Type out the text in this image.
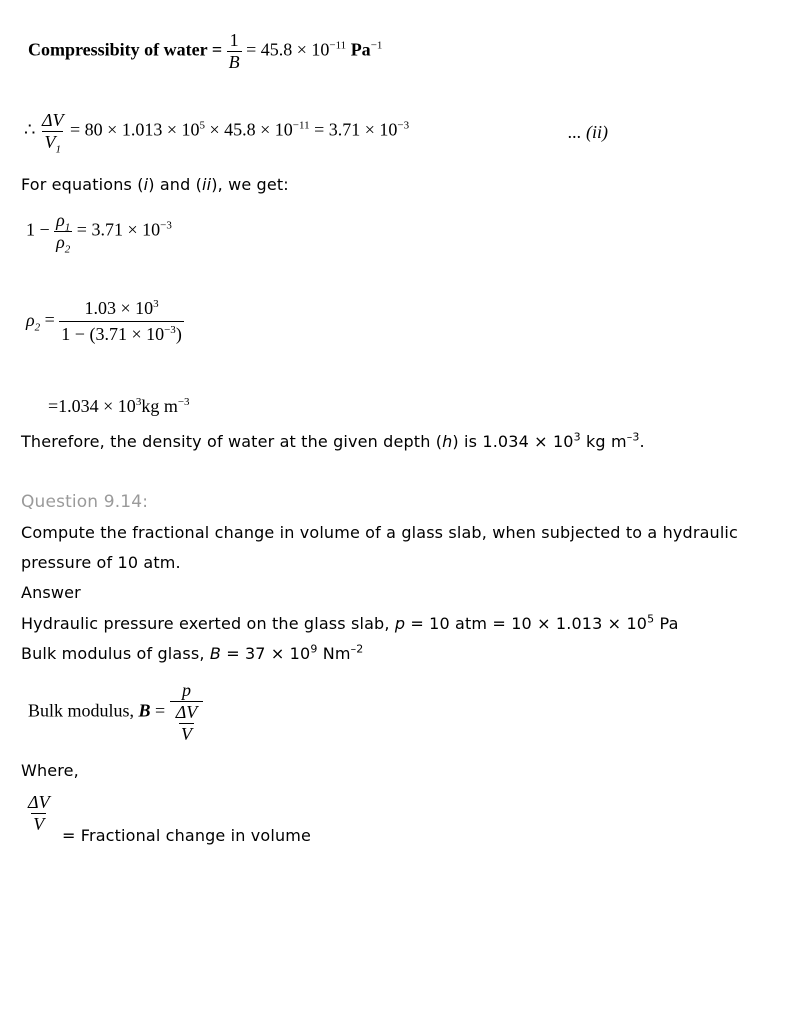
Compressibity of water = $\frac{1}{B} = 45.8 \times 10^{-11}$ $Pa^{-1}$
∴ $\frac{\Delta V}{V_1} = 80 \times 1.013 \times 10^5 \times 45.8 \times 10^{-11} = 3.71 \times 10^{-3}$	... (ii)
For equations (i) and (ii), we get:
$1 - \frac{\rho_1}{\rho_2} = 3.71 \times 10^{-3}$
$\rho_2 = \frac{1.03 \times 10^3}{1 - (3.71 \times 10^{-3})}$
$=1.034 \times 10^3kg$ $m^{-3}$
Therefore, the density of water at the given depth (h) is $1.034 \times 10^3$ kg $m^{-3}$.
Question 9.14:
Compute the fractional change in volume of a glass slab, when subjected to a hydraulic
pressure of 10 atm.
Answer
Hydraulic pressure exerted on the glass slab, p = 10 atm = $10 \times 1.013 \times 10^5$ Pa
Bulk modulus of glass, $B = 37 \times 10^9$ $Nm^{-2}$
Bulk modulus, $B = \frac{p}{\frac{\Delta V}{V}}$
Where,
$\frac{\Delta V}{V}$
= Fractional change in volume
